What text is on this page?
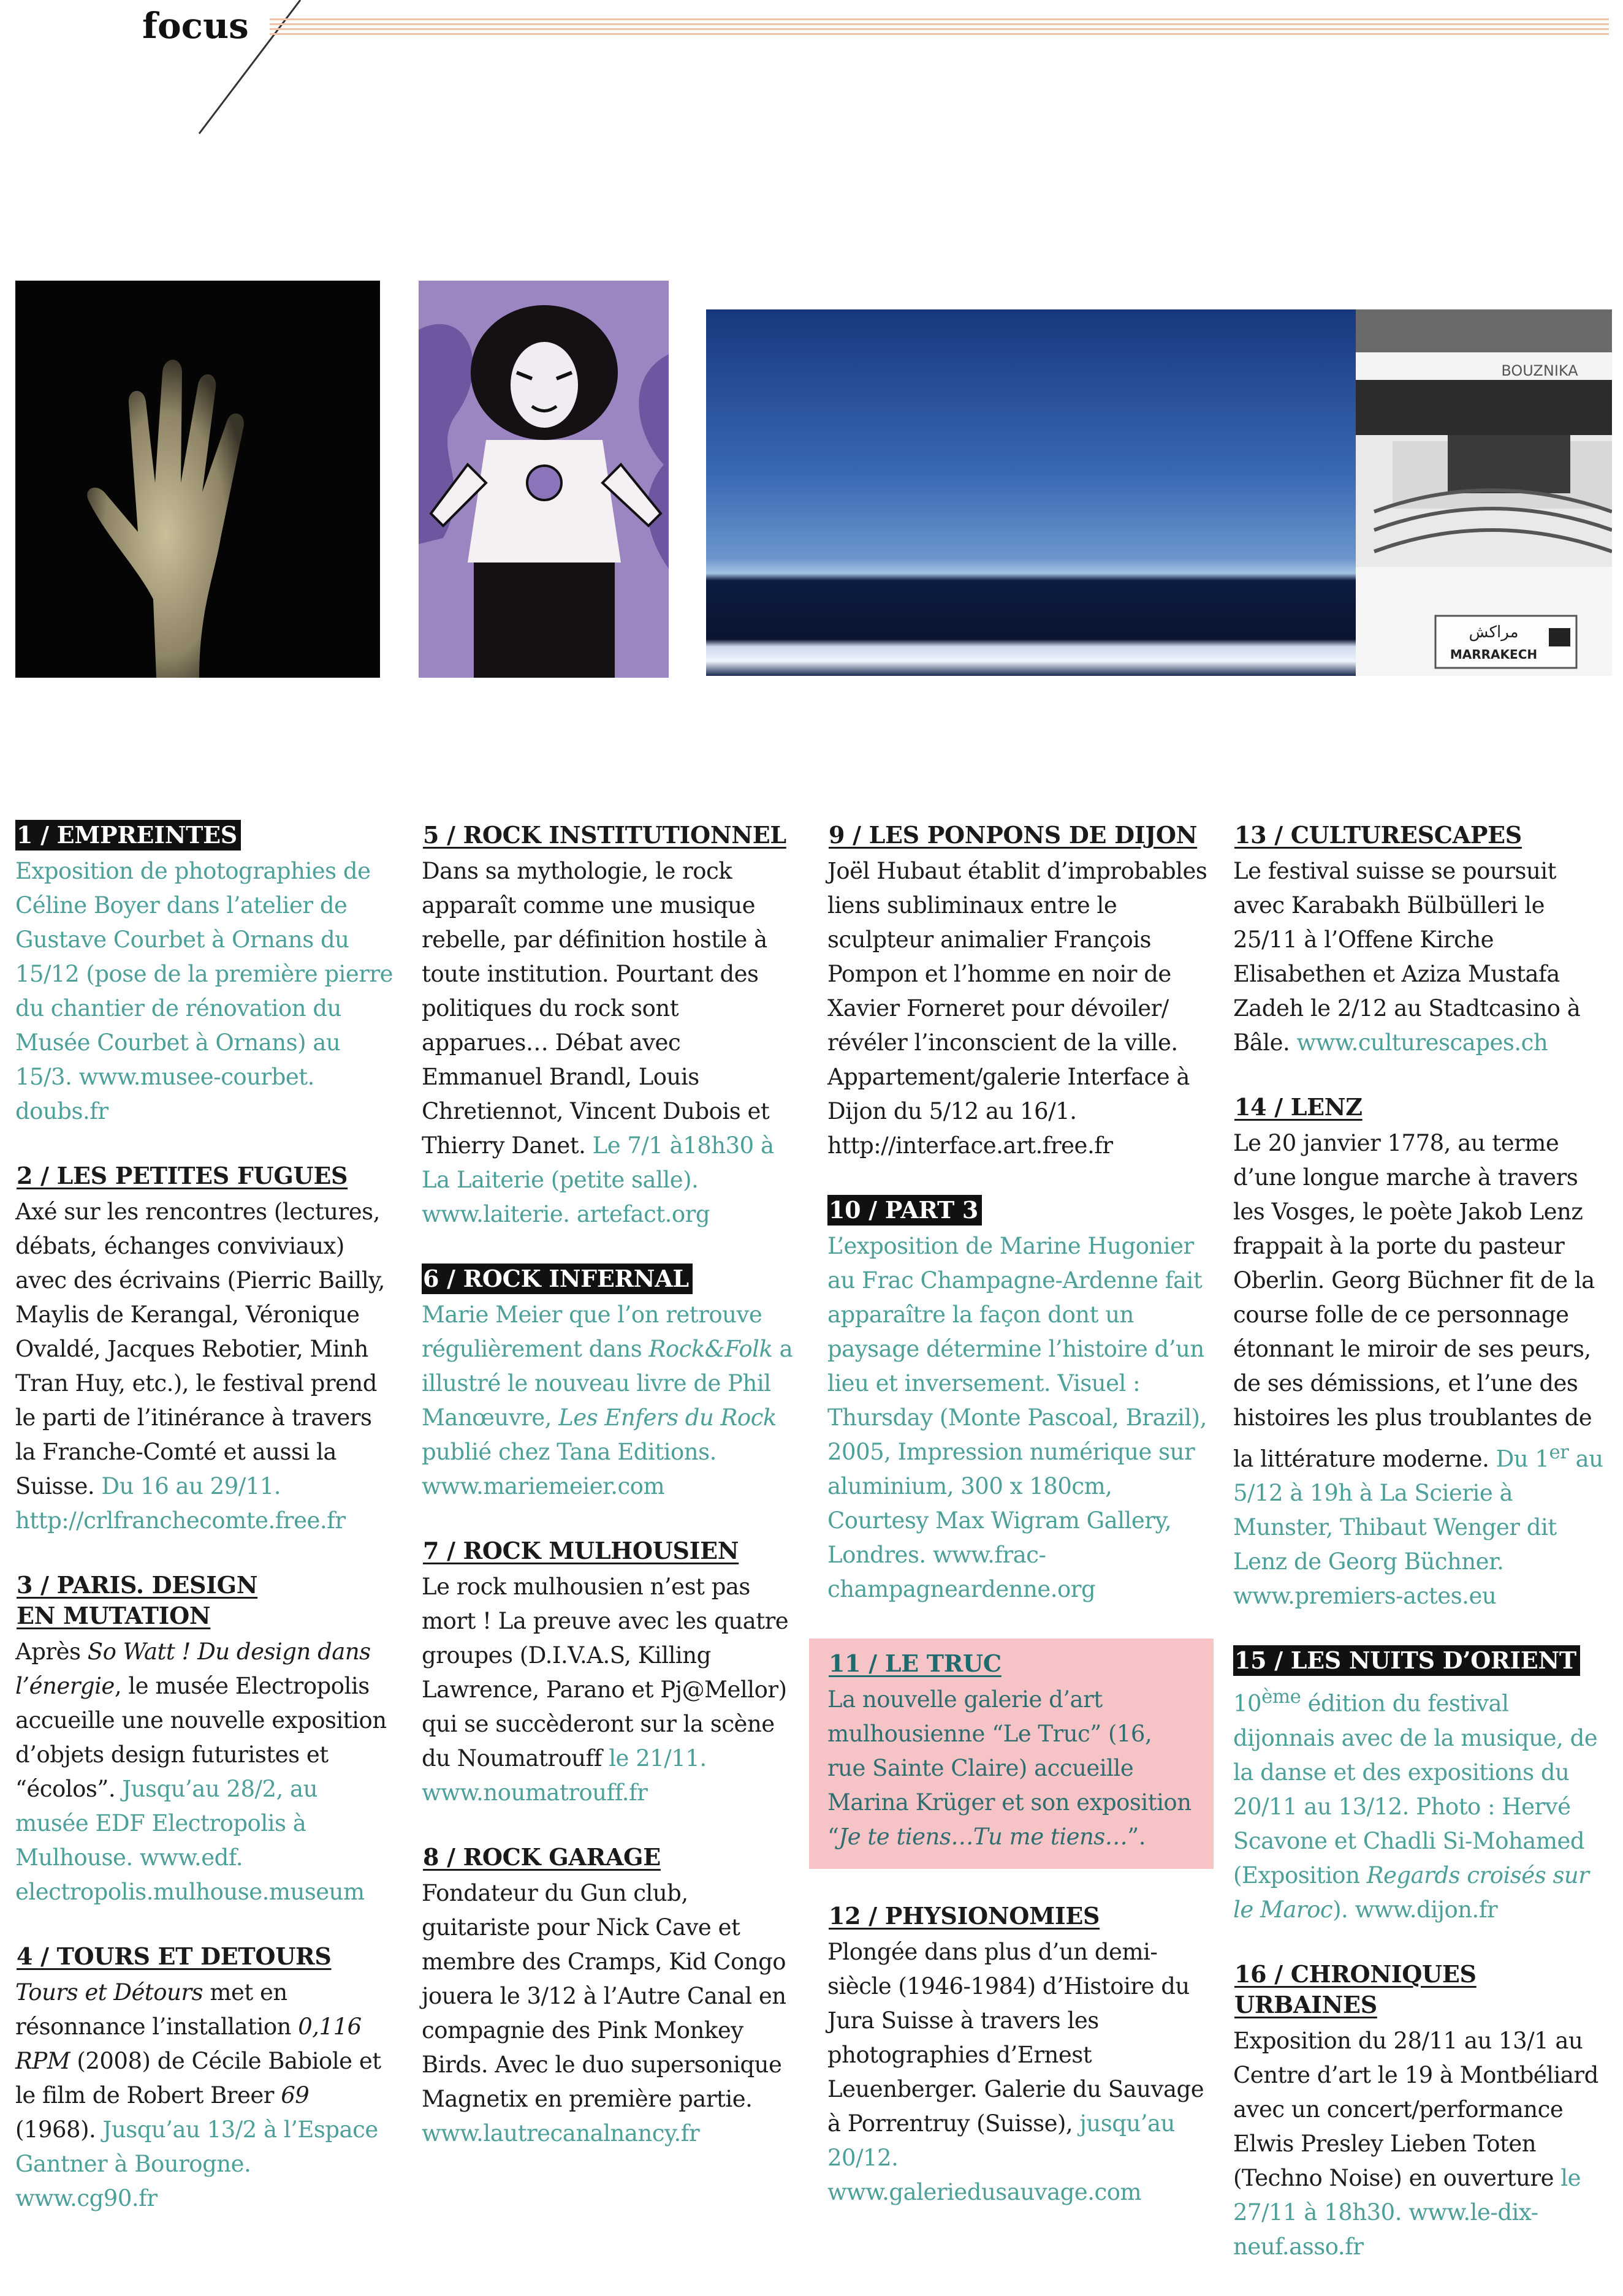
focus
BOUZNIKA
مراكش
MARRAKECH
1 / EMPREINTES

Exposition de photographies de Céline Boyer dans l’atelier de Gustave Courbet à Ornans du 15/12 (pose de la première pierre du chantier de rénovation du Musée Courbet à Ornans) au 15/3. www.musee-courbet. doubs.fr

2 / LES PETITES FUGUES

Axé sur les rencontres (lectures, débats, échanges conviviaux) avec des écrivains (Pierric Bailly, Maylis de Kerangal, Véronique Ovaldé, Jacques Rebotier, Minh Tran Huy, etc.), le festival prend le parti de l’itinérance à travers la Franche-Comté et aussi la Suisse. Du 16 au 29/11. http://crlfranchecomte.free.fr

3 / PARIS. DESIGN EN MUTATION

Après So Watt ! Du design dans l’énergie, le musée Electropolis accueille une nouvelle exposition d’objets design futuristes et “écolos”. Jusqu’au 28/2, au musée EDF Electropolis à Mulhouse. www.edf. electropolis.mulhouse.museum

4 / TOURS ET DETOURS

Tours et Détours met en résonnance l’installation 0,116 RPM (2008) de Cécile Babiole et le film de Robert Breer 69 (1968). Jusqu’au 13/2 à l’Espace Gantner à Bourogne. www.cg90.fr

5 / ROCK INSTITUTIONNEL

Dans sa mythologie, le rock apparaît comme une musique rebelle, par définition hostile à toute institution. Pourtant des politiques du rock sont apparues… Débat avec Emmanuel Brandl, Louis Chretiennot, Vincent Dubois et Thierry Danet. Le 7/1 à18h30 à La Laiterie (petite salle). www.laiterie. artefact.org

6 / ROCK INFERNAL

Marie Meier que l’on retrouve régulièrement dans Rock&Folk a illustré le nouveau livre de Phil Manœuvre, Les Enfers du Rock publié chez Tana Editions. www.mariemeier.com

7 / ROCK MULHOUSIEN

Le rock mulhousien n’est pas mort ! La preuve avec les quatre groupes (D.I.V.A.S, Killing Lawrence, Parano et Pj@Mellor) qui se succèderont sur la scène du Noumatrouff le 21/11. www.noumatrouff.fr

8 / ROCK GARAGE

Fondateur du Gun club, guitariste pour Nick Cave et membre des Cramps, Kid Congo jouera le 3/12 à l’Autre Canal en compagnie des Pink Monkey Birds. Avec le duo supersonique Magnetix en première partie. www.lautrecanalnancy.fr

9 / LES PONPONS DE DIJON

Joël Hubaut établit d’improbables liens subliminaux entre le sculpteur animalier François Pompon et l’homme en noir de Xavier Forneret pour dévoiler/ révéler l’inconscient de la ville. Appartement/galerie Interface à Dijon du 5/12 au 16/1. http://interface.art.free.fr

10 / PART 3

L’exposition de Marine Hugonier au Frac Champagne-Ardenne fait apparaître la façon dont un paysage détermine l’histoire d’un lieu et inversement. Visuel : Thursday (Monte Pascoal, Brazil), 2005, Impression numérique sur aluminium, 300 x 180cm, Courtesy Max Wigram Gallery, Londres. www.frac-champagneardenne.org

11 / LE TRUC

La nouvelle galerie d’art mulhousienne “Le Truc” (16, rue Sainte Claire) accueille Marina Krüger et son exposition “Je te tiens…Tu me tiens…”.

12 / PHYSIONOMIES

Plongée dans plus d’un demi-siècle (1946-1984) d’Histoire du Jura Suisse à travers les photographies d’Ernest Leuenberger. Galerie du Sauvage à Porrentruy (Suisse), jusqu’au 20/12. www.galeriedusauvage.com

13 / CULTURESCAPES

Le festival suisse se poursuit avec Karabakh Bülbülleri le 25/11 à l’Offene Kirche Elisabethen et Aziza Mustafa Zadeh le 2/12 au Stadtcasino à Bâle. www.culturescapes.ch

14 / LENZ

Le 20 janvier 1778, au terme d’une longue marche à travers les Vosges, le poète Jakob Lenz frappait à la porte du pasteur Oberlin. Georg Büchner fit de la course folle de ce personnage étonnant le miroir de ses peurs, de ses démissions, et l’une des histoires les plus troublantes de la littérature moderne. Du 1er au 5/12 à 19h à La Scierie à Munster, Thibaut Wenger dit Lenz de Georg Büchner. www.premiers-actes.eu

15 / LES NUITS D’ORIENT

10ème édition du festival dijonnais avec de la musique, de la danse et des expositions du 20/11 au 13/12. Photo : Hervé Scavone et Chadli Si-Mohamed (Exposition Regards croisés sur le Maroc). www.dijon.fr

16 / CHRONIQUES URBAINES

Exposition du 28/11 au 13/1 au Centre d’art le 19 à Montbéliard avec un concert/performance Elwis Presley Lieben Toten (Techno Noise) en ouverture le 27/11 à 18h30. www.le-dix-neuf.asso.fr
